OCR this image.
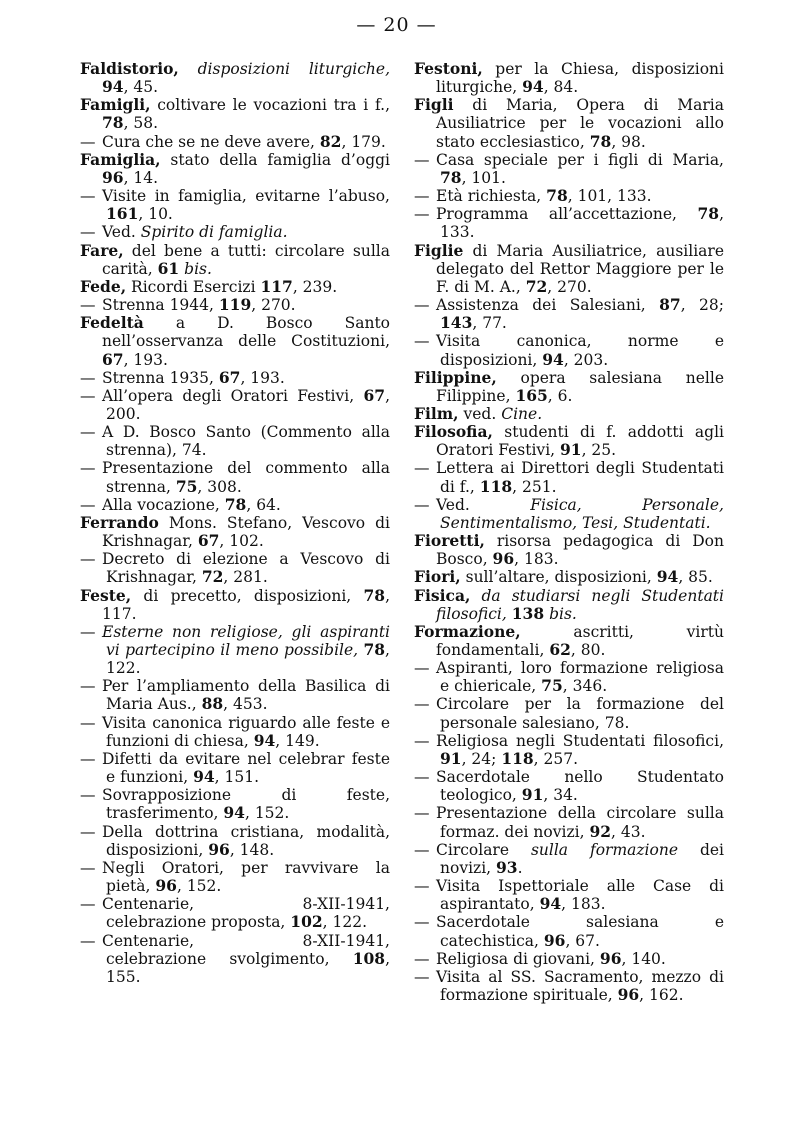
— 20 —
Faldistorio, disposizioni liturgiche, 94, 45.
Famigli, coltivare le vocazioni tra i f., 78, 58.
— Cura che se ne deve avere, 82, 179.
Famiglia, stato della famiglia d’oggi 96, 14.
— Visite in famiglia, evitarne l’abuso, 161, 10.
— Ved. Spirito di famiglia.
Fare, del bene a tutti: circolare sulla carità, 61 bis.
Fede, Ricordi Esercizi 117, 239.
— Strenna 1944, 119, 270.
Fedeltà a D. Bosco Santo nell’osservanza delle Costituzioni, 67, 193.
— Strenna 1935, 67, 193.
— All’opera degli Oratori Festivi, 67, 200.
— A D. Bosco Santo (Commento alla strenna), 74.
— Presentazione del commento alla strenna, 75, 308.
— Alla vocazione, 78, 64.
Ferrando Mons. Stefano, Vescovo di Krishnagar, 67, 102.
— Decreto di elezione a Vescovo di Krishnagar, 72, 281.
Feste, di precetto, disposizioni, 78, 117.
— Esterne non religiose, gli aspiranti vi partecipino il meno possibile, 78, 122.
— Per l’ampliamento della Basilica di Maria Aus., 88, 453.
— Visita canonica riguardo alle feste e funzioni di chiesa, 94, 149.
— Difetti da evitare nel celebrar feste e funzioni, 94, 151.
— Sovrapposizione di feste, trasferimento, 94, 152.
— Della dottrina cristiana, modalità, disposizioni, 96, 148.
— Negli Oratori, per ravvivare la pietà, 96, 152.
— Centenarie, 8-XII-1941, celebrazione proposta, 102, 122.
— Centenarie, 8-XII-1941, celebrazione svolgimento, 108, 155.
Festoni, per la Chiesa, disposizioni liturgiche, 94, 84.
Figli di Maria, Opera di Maria Ausiliatrice per le vocazioni allo stato ecclesiastico, 78, 98.
— Casa speciale per i figli di Maria, 78, 101.
— Età richiesta, 78, 101, 133.
— Programma all’accettazione, 78, 133.
Figlie di Maria Ausiliatrice, ausiliare delegato del Rettor Maggiore per le F. di M. A., 72, 270.
— Assistenza dei Salesiani, 87, 28; 143, 77.
— Visita canonica, norme e disposizioni, 94, 203.
Filippine, opera salesiana nelle Filippine, 165, 6.
Film, ved. Cine.
Filosofia, studenti di f. addotti agli Oratori Festivi, 91, 25.
— Lettera ai Direttori degli Studentati di f., 118, 251.
— Ved. Fisica, Personale, Sentimentalismo, Tesi, Studentati.
Fioretti, risorsa pedagogica di Don Bosco, 96, 183.
Fiori, sull’altare, disposizioni, 94, 85.
Fisica, da studiarsi negli Studentati filosofici, 138 bis.
Formazione, ascritti, virtù fondamentali, 62, 80.
— Aspiranti, loro formazione religiosa e chiericale, 75, 346.
— Circolare per la formazione del personale salesiano, 78.
— Religiosa negli Studentati filosofici, 91, 24; 118, 257.
— Sacerdotale nello Studentato teologico, 91, 34.
— Presentazione della circolare sulla formaz. dei novizi, 92, 43.
— Circolare sulla formazione dei novizi, 93.
— Visita Ispettoriale alle Case di aspirantato, 94, 183.
— Sacerdotale salesiana e catechistica, 96, 67.
— Religiosa di giovani, 96, 140.
— Visita al SS. Sacramento, mezzo di formazione spirituale, 96, 162.
